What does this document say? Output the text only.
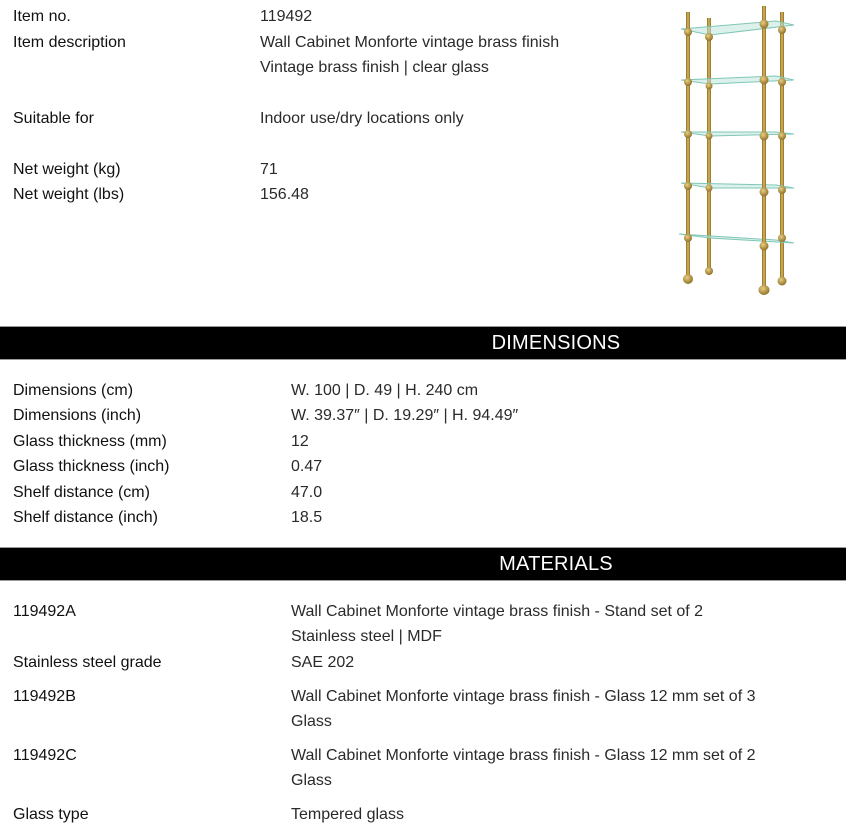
Item no.	119492
Item description	Wall Cabinet Monforte vintage brass finish
Vintage brass finish | clear glass
Suitable for	Indoor use/dry locations only
Net weight (kg)	71
Net weight (lbs)	156.48
DIMENSIONS
Dimensions (cm)	W. 100 | D. 49 | H. 240 cm
Dimensions (inch)	W. 39.37″ | D. 19.29″ | H. 94.49″
Glass thickness (mm)	12
Glass thickness (inch)	0.47
Shelf distance (cm)	47.0
Shelf distance (inch)	18.5
MATERIALS
119492A	Wall Cabinet Monforte vintage brass finish - Stand set of 2
Stainless steel | MDF
Stainless steel grade	SAE 202
119492B	Wall Cabinet Monforte vintage brass finish - Glass 12 mm set of 3
Glass
119492C	Wall Cabinet Monforte vintage brass finish - Glass 12 mm set of 2
Glass
Glass type	Tempered glass
